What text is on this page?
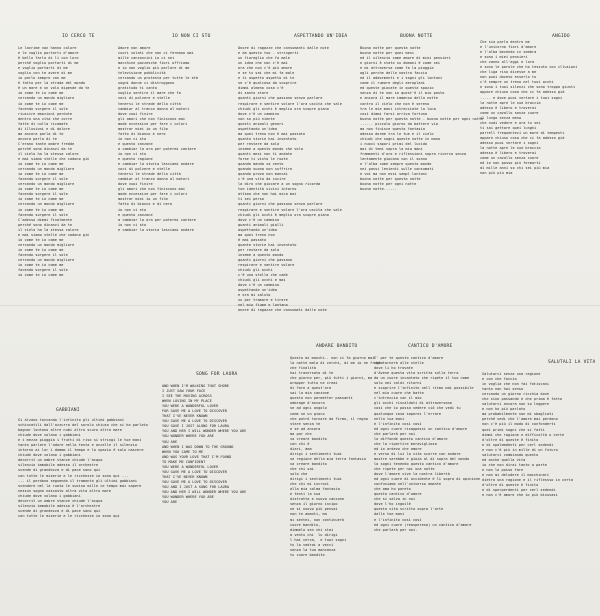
IO CERCO TE
Le lacrime non hanno colore
e le voglio portarti d'amore
è bello farlo di lì con loro
perché voglio portarti di me
e voglio portarti di me
voglio con te avere di me
io parlo sempre con me
è fatto per la strada del mondo
è un mare e un volo dipende da te
io come te io come me
cercando un mondo migliore
io come te io come me
facendo sorgere il sole
riuscire emozioni perdute
dentro una vita che corre
fatte di nulla ricamate
di illusioni e di dolore
ma ancora parla di te
ancora parla di te
C'erano tante ombre fredde
perché sono dinanzi da te
il cielo ha la stessa calore
e mai siamo stelle che cadono giù
io come te io come me
cercando un mondo migliore
io come te io come me
facendo sorgere il sole
cercando un mondo migliore
io come te io come me
facendo sorgere il sole
io come te io come me
cercando un mondo migliore
io come te io come me
facendo sorgere il sole
C'adesso dimmi finalmente
perché sono dinanzi da te
il cielo ha la stessa calore
e mai siamo stelle che cadono giù
io come te io come me
cercando un mondo migliore
io come te io come me
facendo sorgere il sole
cercando un mondo migliore
io come te io come me
facendo sorgere il sole
io come te io come me
IO NON CI STO
Amore non amore
cuori volati che non ci fermano mai
mille canzoncini io ci sei
macchine pazzesche fiori offriamo
e io non voglio più parlare di me
televisione pubblicità
cercando un protesta per tutte le età
sogni donne ci distruggono
gratitudo ti canta
voglio sentire il mare che fa
voci di polvere e stelle
tenersi le strade della città
cambiar al tranco donna al motori
dove vuoi finire
gli amori che non finiscono mai
mode eccessive per fare i colori
mostrar miei io un film
fatto di bianco e nero
io non ci sto
e questo canzone
a cambiar la ora per potermi cantare
io non ci sto
e questo ragione
e cambiar la storia lasciami andare
voci di polvere e stelle
tenersi le strade della città
cambiar al tranco donna al motori
dove vuoi finire
gli amori che non finiscono mai
mode eccessive per fare i colori
mostrar miei io un film
fatto di bianco e di nero
io non ci sto
e questo canzone
a cambiar la ora per potermi cantare
io non ci sto
e cambiar la storia lasciami andare
ASPETTANDO UN'IDEA
Onore di ragazze che consumanti dalle note
e da questo tuo - stringerti
un fioreglio che fa male
un idea che non c'è mai
ora che non c'è più amore
e se tu sai che mi fa male
e ti aspetto aspetto di te
se c'è qualcosa da scoprire
dimmi almeno cosa c'è
di santo stare
quanti giorni che passano senza parlare
respirare e sentire volare l'ora uscita che vale
chiudi gli occhi è meglio ora scopre piano
dove c'è un cammino
non so più niente
questi animali generi
aspettando un'idea
ma quei treno non è mai passato
quanto storie hai inventato
per restare da sola
inseme a questo mondo che vola
quanti mesi non ti andate
forse ti visto le ruote
quando manda va vento
quando suona non suffriro
quando prova non mancai
c'è una vita da cucire
la diro che giocare a un sogno ricorda
tue identità vicini intorno
attimo che non hai mica mai
ti sei perso
quanti giorni che passano senza parlare
respirare e sentire volare l'ora uscita che vale
chiudi gli occhi è meglio ora scopre piano
dove c'è un cammino
quanti animali gialli
aspettando un'idea
ma quei treno non
è mai passato
quante storie hai inventato
per restare da sola
inseme a questo mondo
quanti giorni che passano
respirare e sentire volare
chiudi gli occhi
c'è una stella che cade
chiudi gli occhi e mai
dove c'è un cammino
aspettando un'idea
e ora mi saluto
su per tramare e tirare
nel mio fiume e lontano
onore di ragazze che consumati dalle note
BUONA NOTTE
Buona notte per questa notte
buona notte per quei mesi
ed il silenzio come amore di miei pensieri
e giorni è stato su domani è come sei
e mi attraversa come fa la pioggia
agli perche della nostra faccia
ed il addormenti e i sogni gli lontani
come il rumore degli aeroplani
ed queste giocate in questa spazio
senza di te non so quest'è il mio posto
e ancora il mare immenso della notte
contro il cielo che non è sereno
tra le mie mani intrecciate la luna
così dimmi farsi arriva fortuna
buona notte per questa notte - buona notte per ogni notte
...... piccolo giorno da battere via
ma non finisce questa fantasia
adesso dorme tra le tue e il cielo
chiudi che sogni queste notte in mano
i nuovi sapori primi del lucido
mai di temi sopra la mia mani
frammenti d'oro e riflessioni sopra ricerca senza
lentamente giocano con il sonno
e l'alba come sempre questo mondo
nei passi lenienti sulle consumati
e voi ma non essi sempl lontani
buona notte per questa notte
buona notte per ogni notte
buona notte......
ANGIDO
Che sia parla dentro me
e l'unicorno fiori d'amore
e l'alba bevendo in sembra
e sono i miei pensieri
che vanno all'aggi e lora
e sono le parole che ho tessuto con illusioni
che liga riso dicesse a me
non puoi dovevo esserlo tu
c'è sempre un treno nel tuoi occhi
e sono i tuoi silenzi che sono troppo giusti
appare chiuso cosa che ci fa adesso già
..... e dove puoi vertare i tuoi sogni
la notte apre le sue braccia
adesso è libero e troverai
come un cavallo senza cuore
il lungo senza meno
che nudi vedere e ora tu sei
ti sai gettare quei lunghi
parrell frequenteci un mare di tempesti
appare chiuso cosa che ci fa adesso già
adesso puoi vertare i sogni
la notte apre le sue braccia
adesso è libero e troverai
come un cavallo senza cuore
ed io non posso più fermarti
di mille anni so chi sei più mia
non più più mia
ANDARE BANDITO
Questo mi manchi.. non ci fa giorno mai
la notte mala di cerchi, di me io ne frugho
che finalità
hai traversato di te
che giorno per, più tutti i giorni, ma
wrapper tutto ne creai
di fare a quest'ora
sai la mia canzone
questo non permetter passanti
ombrage d'ancora
se ad ogni angolo
come se un gioco
che potrò tornare da firmo, il regno
stare senza te
e se ad ancora
ma par che
va creare bandito
con chi è
diari, ama
dirigi i sentimenti tuoi
se regione della mia terra fantasia
va creare bandito
che chi sai
solo che
dirigi i sentimenti tuoi
che chi mi incroci
alla mia calma fantasia
e tenti la sua
distratta e nuova canzone
senza il giorno incipo
ne si nuovo più pensai
non te amanti, ma
mi sentei, non continuerò
cuore bandito,
dimmelo sen chi stai
a ventu chi  lu dirigi
l hai cerca,  e tuoi sogni
tu la vedrai a vecci
senza la tua mancanza
tu cuore bandito
CANTICO D'AMORE
E' per te questo cantico d'amore
che tornerà alle stelle
dove li ho trovate
d'Avene questa vita scritta sulla terra
da un cuore incantato che ripete il tuo nome
solo nei caldi ritorni
e scoprire l'infinito nell ritmo mai possibile
nel mio cuore che batte
c'intreccia con il mio
gli occhi riscaldati di attraversano
così che io possa vedere ciò che vedi tu
qualunque cosa saperei l'errare
nella tua mani
e l'infinito così così
ed ogni cuore risappessi un cantico d'amore
che parlarà per noi
lo diffonde questo cantico d'amore
che la ripartire meravigliosa
ed io ardevo che amore
e verso di lui la vita scorre con andare
mostre sarebbe e gioia al di sopra del mondo
lo sogni tenendo questo cantico d'amore
che ripete per noi una notte
dove l'amore vive la nostra libertà
ed ogni cuore di occidente è lì sopra di opinione
confusiamo nell'universo amante
che ama ho pareto
questo cantico d'amore
che si salva in noi
dove l'ho ingoilè
questa vita scritta sopra l'arte
dalle tue mani
e l'infinito così così
ed ogni cuore (reaspereso) un cantico d'amore
che parlarà per noi.
GABBIANI
Si alzano toccando l'infinito gli ultimi gabbiani
schincatili dall'azzurro del sorolo chiuso che si ha parlato
bagnar lontano altre nubi altro scuro altro mare
chiude dove volano i gabbiani
e i mezza pioggia i frutti di riso si stringi le tue mani
tanto parlare l'odore nella tenta e accelle il silenzio
intorno ai lor i dammo il tempo e lo spazio è solo nascere
chiude dove volano i gabbiani
decorrit un ombre stanze chiude l'acqua
silenzio immobile adesso il orchestre
scende di grandezza e di pace sono qui
con tutte le miserie e le ricchezze io sono qui ...
... il perdono seguendo il tramonto gli ultimi gabbiani
scendere nel la ruota le suoisa mille ce tempo mai sapere
nessun sogno nascosto altra vita altro mare
chiude dove volano i gabbiani
decorrit un ombre stanze chiude l'acqua
silenzio immobile adesso è l'orchestre
scende di grandezza e di pace sono qui
con tutte le miserie e le ricchezze io sono qui
SONG FOR LAURA
AND WHEN I'M WALKING THAT SHORE
I JUST SAW YOUR FACE
I SEE THE MOVING ACROSS
WHEN LOVING IN MY PLACE
YOU WERE A WONDERFUL LOVER
FOR GAVE ME A LOVE TO DISCOVER
THAT I'VE NEVER KNOWN
YOU GAVE ME A LOVE TO DISCOVER
YOU GAVE I JUST ALONG FOR LAURA
YOU AND HER I WILL WONDER WHERE YOU ARE
YOU WONDER WHERE YOU ARE
YOU ARE
AND WHEN I WAS DOWN TO THE GROUND
WHEN YOU CAME TO ME
AND WAS YOUR LOVE THAT I'M FOUND
TO MAKE ME CONFIDENT
YOU WERE A WONDERFUL LOVER
YOU GAVE ME A LOVE TO DISCOVER
THAT I'VE NEVER KNOWN
YOU GAVE ME A LOVE TO DISCOVER
YOU AND I JUST A SONG FOR LAURA
YOU AND HER I WILL WONDER WHERE YOU ARE
YOU WONDER WHERE YOU ARE
YOU ARE
SALUTALI LA VITA
Salutarci senza una ragione
e con che faccio
in voglia che non fai fotiscani
tanto non hai senso
cercando un giorno ricchia dove
che sino passando e che prima è fatto
salutarci ancora non so leggere
e non ho più parlato
ma probabilmente non mi sbagliati
perché vedi che l'amore mai perdono
non c'è più il modo di confonderti
quei primi sogni che si fatti
dimmi che ragione e difficoltà o certe
d'oltre di queste è finito
e di spalemdenti per cerl sedendi
e non c'è più in mille di un futuro
salutarci cambiando questo
ed anche quella vita
io che non dirai tanto a parte
e non lo posso fare
e non mi deludere il macchinari
dietro una ragione e il riflessso in certa
d'oltre di queste è finito
e di sperperdenti per cerl sedendi
e non c'è amore che io più disuvasi
